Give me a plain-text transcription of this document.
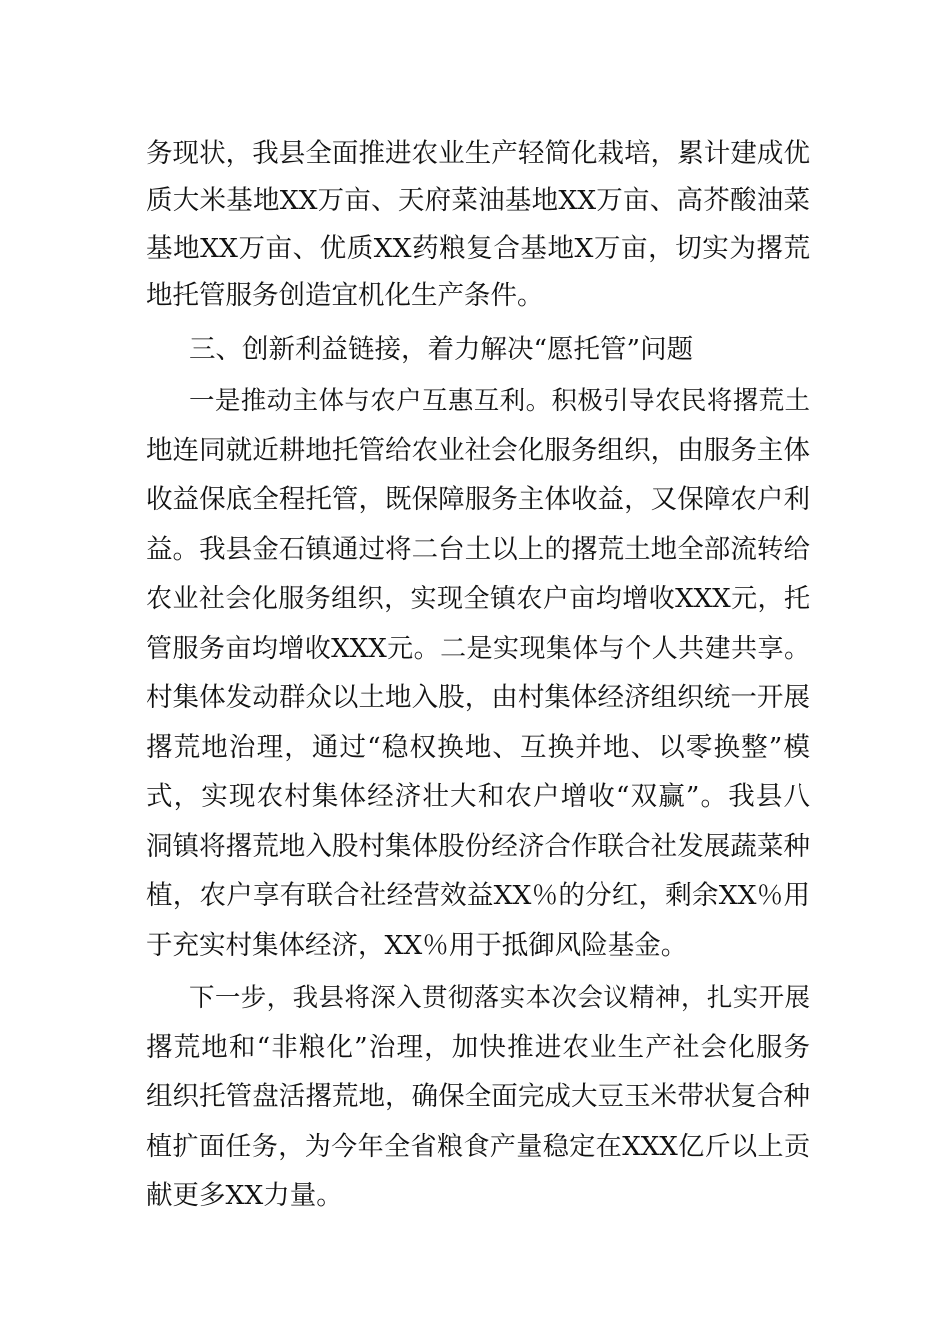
务现状，我县全面推进农业生产轻简化栽培，累计建成优
质大米基地XX万亩、天府菜油基地XX万亩、高芥酸油菜
基地XX万亩、优质XX药粮复合基地X万亩，切实为撂荒
地托管服务创造宜机化生产条件。
三、创新利益链接，着力解决“愿托管”问题
一是推动主体与农户互惠互利。积极引导农民将撂荒土
地连同就近耕地托管给农业社会化服务组织，由服务主体
收益保底全程托管，既保障服务主体收益，又保障农户利
益。我县金石镇通过将二台土以上的撂荒土地全部流转给
农业社会化服务组织，实现全镇农户亩均增收XXX元，托
管服务亩均增收XXX元。二是实现集体与个人共建共享。
村集体发动群众以土地入股，由村集体经济组织统一开展
撂荒地治理，通过“稳权换地、互换并地、以零换整”模
式，实现农村集体经济壮大和农户增收“双赢”。我县八
洞镇将撂荒地入股村集体股份经济合作联合社发展蔬菜种
植，农户享有联合社经营效益XX％的分红，剩余XX％用
于充实村集体经济，XX％用于抵御风险基金。
下一步，我县将深入贯彻落实本次会议精神，扎实开展
撂荒地和“非粮化”治理，加快推进农业生产社会化服务
组织托管盘活撂荒地，确保全面完成大豆玉米带状复合种
植扩面任务，为今年全省粮食产量稳定在XXX亿斤以上贡
献更多XX力量。
